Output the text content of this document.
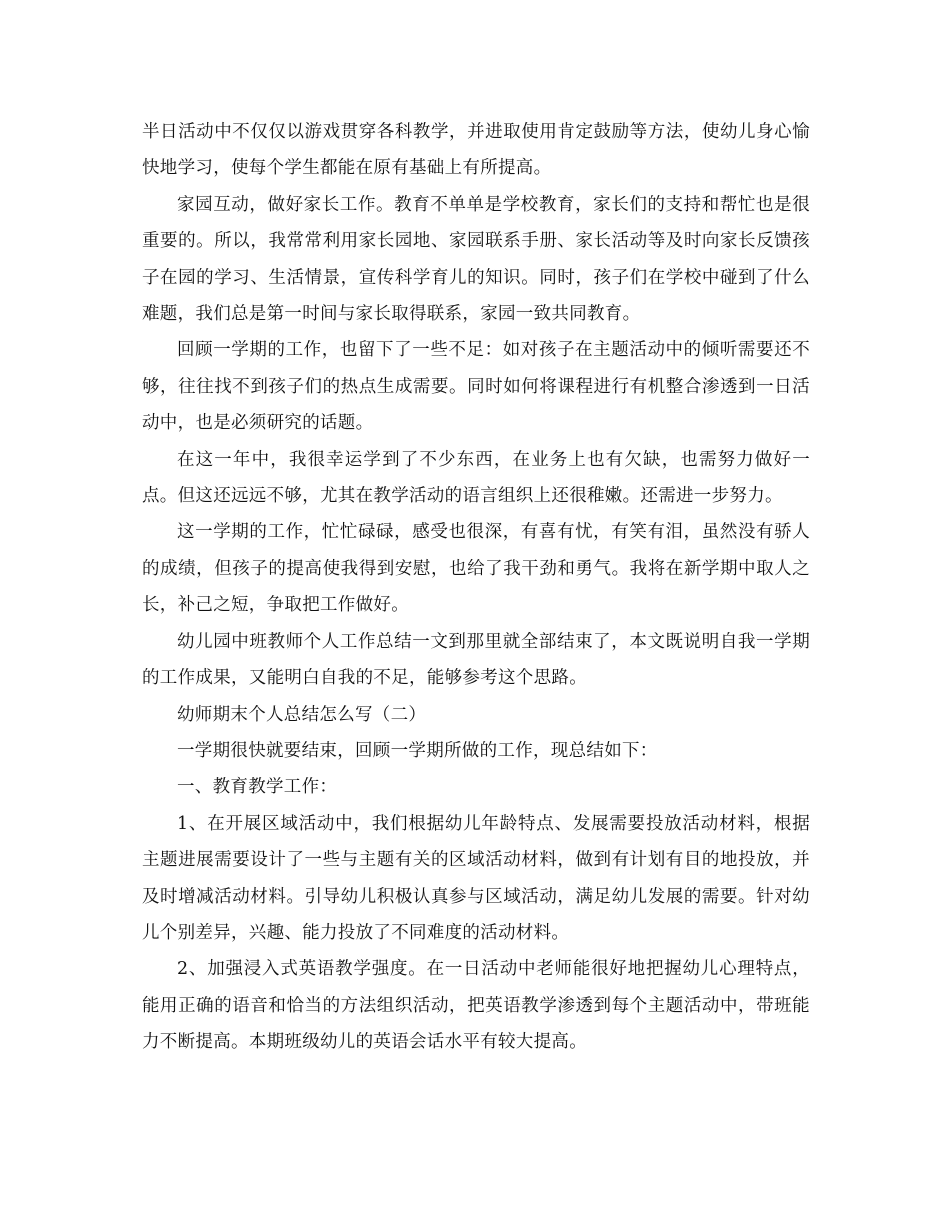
半日活动中不仅仅以游戏贯穿各科教学，并进取使用肯定鼓励等方法，使幼儿身心愉快地学习，使每个学生都能在原有基础上有所提高。

家园互动，做好家长工作。教育不单单是学校教育，家长们的支持和帮忙也是很重要的。所以，我常常利用家长园地、家园联系手册、家长活动等及时向家长反馈孩子在园的学习、生活情景，宣传科学育儿的知识。同时，孩子们在学校中碰到了什么难题，我们总是第一时间与家长取得联系，家园一致共同教育。

回顾一学期的工作，也留下了一些不足：如对孩子在主题活动中的倾听需要还不够，往往找不到孩子们的热点生成需要。同时如何将课程进行有机整合渗透到一日活动中，也是必须研究的话题。

在这一年中，我很幸运学到了不少东西，在业务上也有欠缺，也需努力做好一点。但这还远远不够，尤其在教学活动的语言组织上还很稚嫩。还需进一步努力。

这一学期的工作，忙忙碌碌，感受也很深，有喜有忧，有笑有泪，虽然没有骄人的成绩，但孩子的提高使我得到安慰，也给了我干劲和勇气。我将在新学期中取人之长，补己之短，争取把工作做好。

幼儿园中班教师个人工作总结一文到那里就全部结束了，本文既说明自我一学期的工作成果，又能明白自我的不足，能够参考这个思路。

幼师期末个人总结怎么写（二）

一学期很快就要结束，回顾一学期所做的工作，现总结如下：

一、教育教学工作：

1、在开展区域活动中，我们根据幼儿年龄特点、发展需要投放活动材料，根据主题进展需要设计了一些与主题有关的区域活动材料，做到有计划有目的地投放，并及时增减活动材料。引导幼儿积极认真参与区域活动，满足幼儿发展的需要。针对幼儿个别差异，兴趣、能力投放了不同难度的活动材料。

2、加强浸入式英语教学强度。在一日活动中老师能很好地把握幼儿心理特点，能用正确的语音和恰当的方法组织活动，把英语教学渗透到每个主题活动中，带班能力不断提高。本期班级幼儿的英语会话水平有较大提高。
